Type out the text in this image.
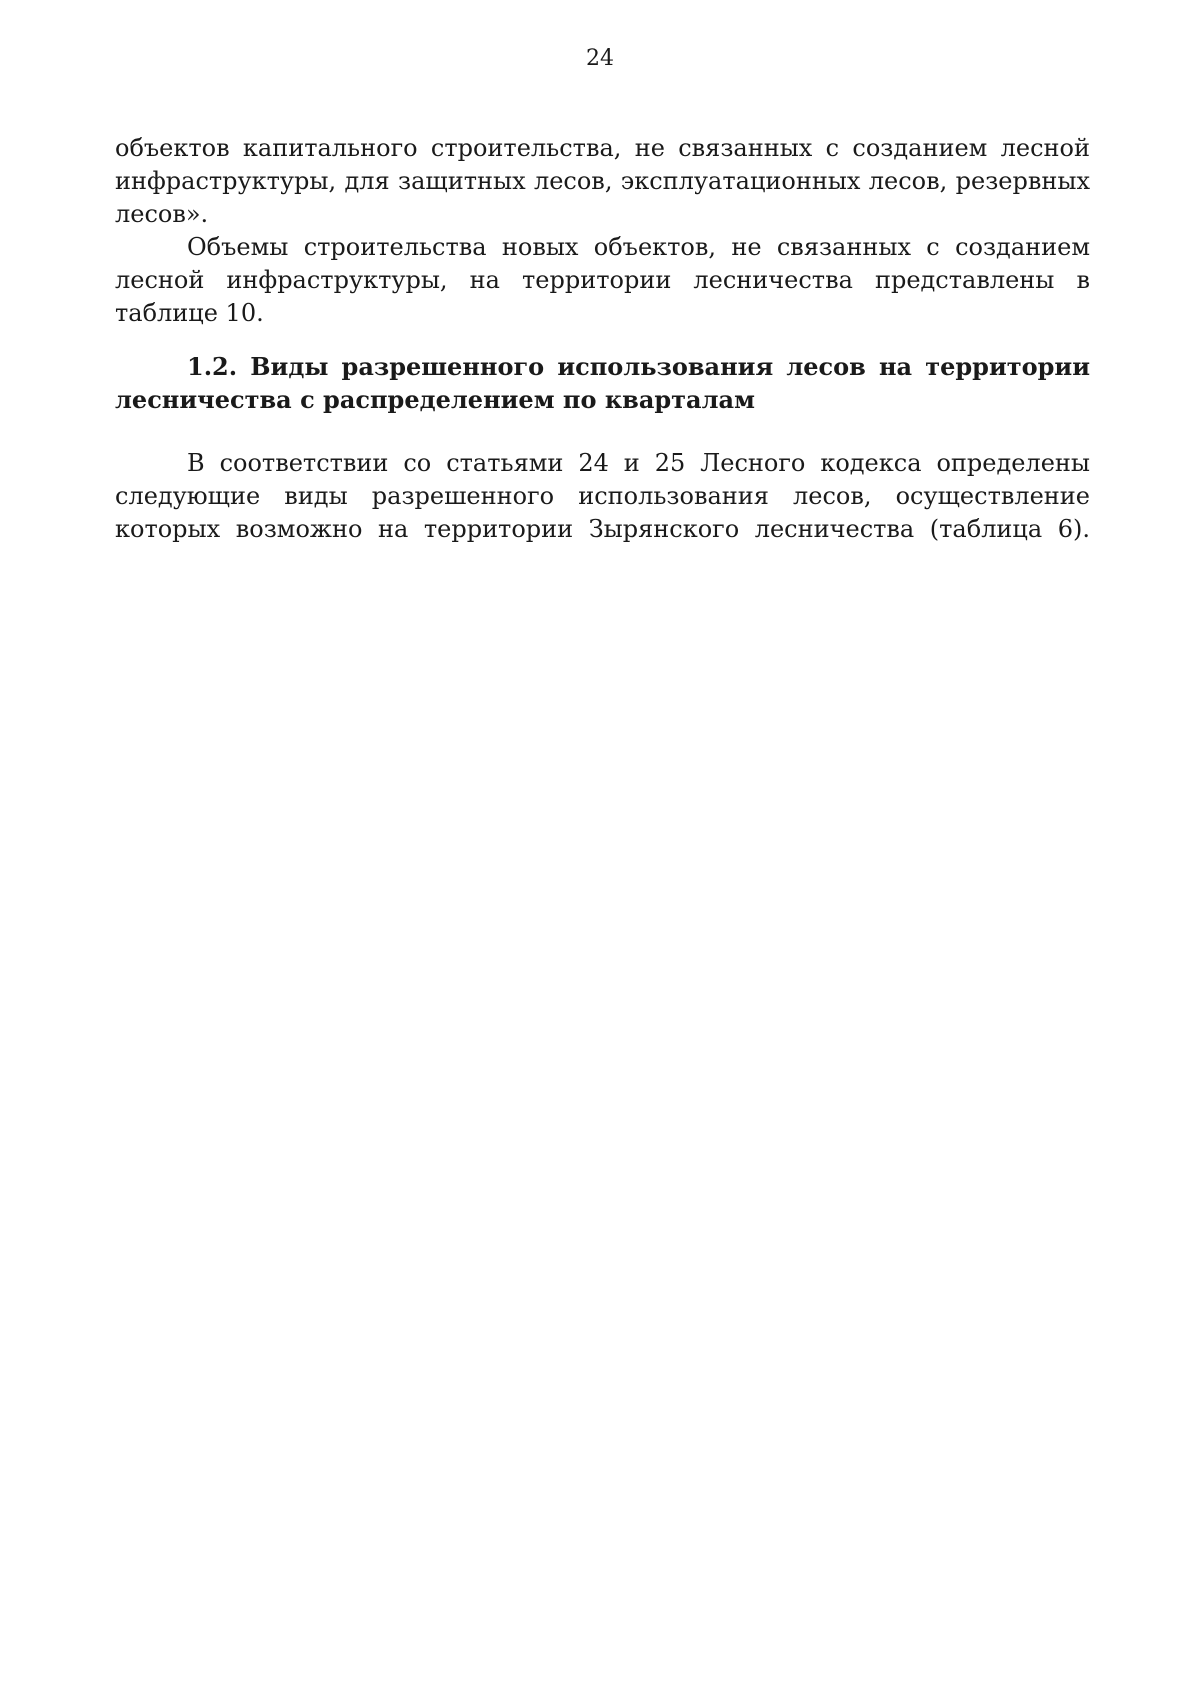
24

объектов капитального строительства, не связанных с созданием лесной инфраструктуры, для защитных лесов, эксплуатационных лесов, резервных лесов».

Объемы строительства новых объектов, не связанных с созданием лесной инфраструктуры, на территории лесничества представлены в таблице 10.

1.2. Виды разрешенного использования лесов на территории лесничества с распределением по кварталам

В соответствии со статьями 24 и 25 Лесного кодекса определены следующие виды разрешенного использования лесов, осуществление которых возможно на территории Зырянского лесничества (таблица 6).
